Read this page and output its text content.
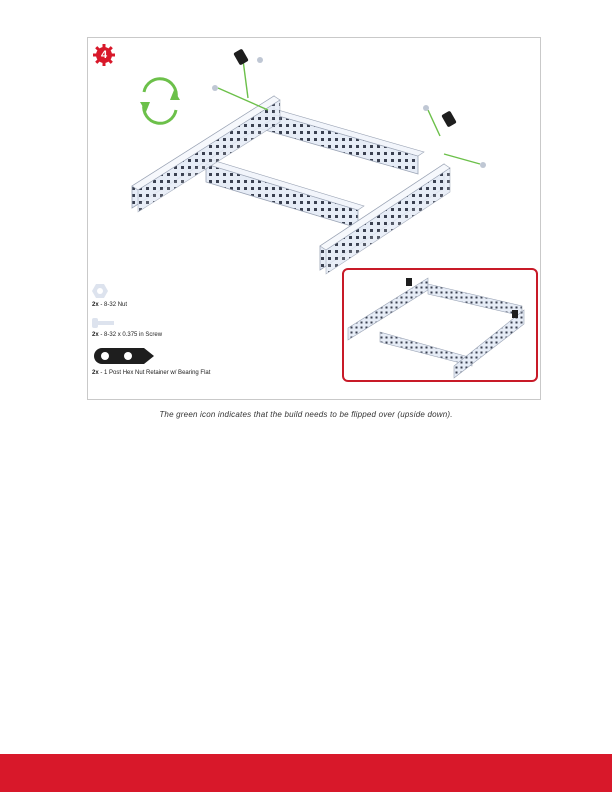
4
2x - 8-32 Nut
2x - 8-32 x 0.375 in Screw
2x - 1 Post Hex Nut Retainer w/ Bearing Flat
The green icon indicates that the build needs to be flipped over (upside down).
